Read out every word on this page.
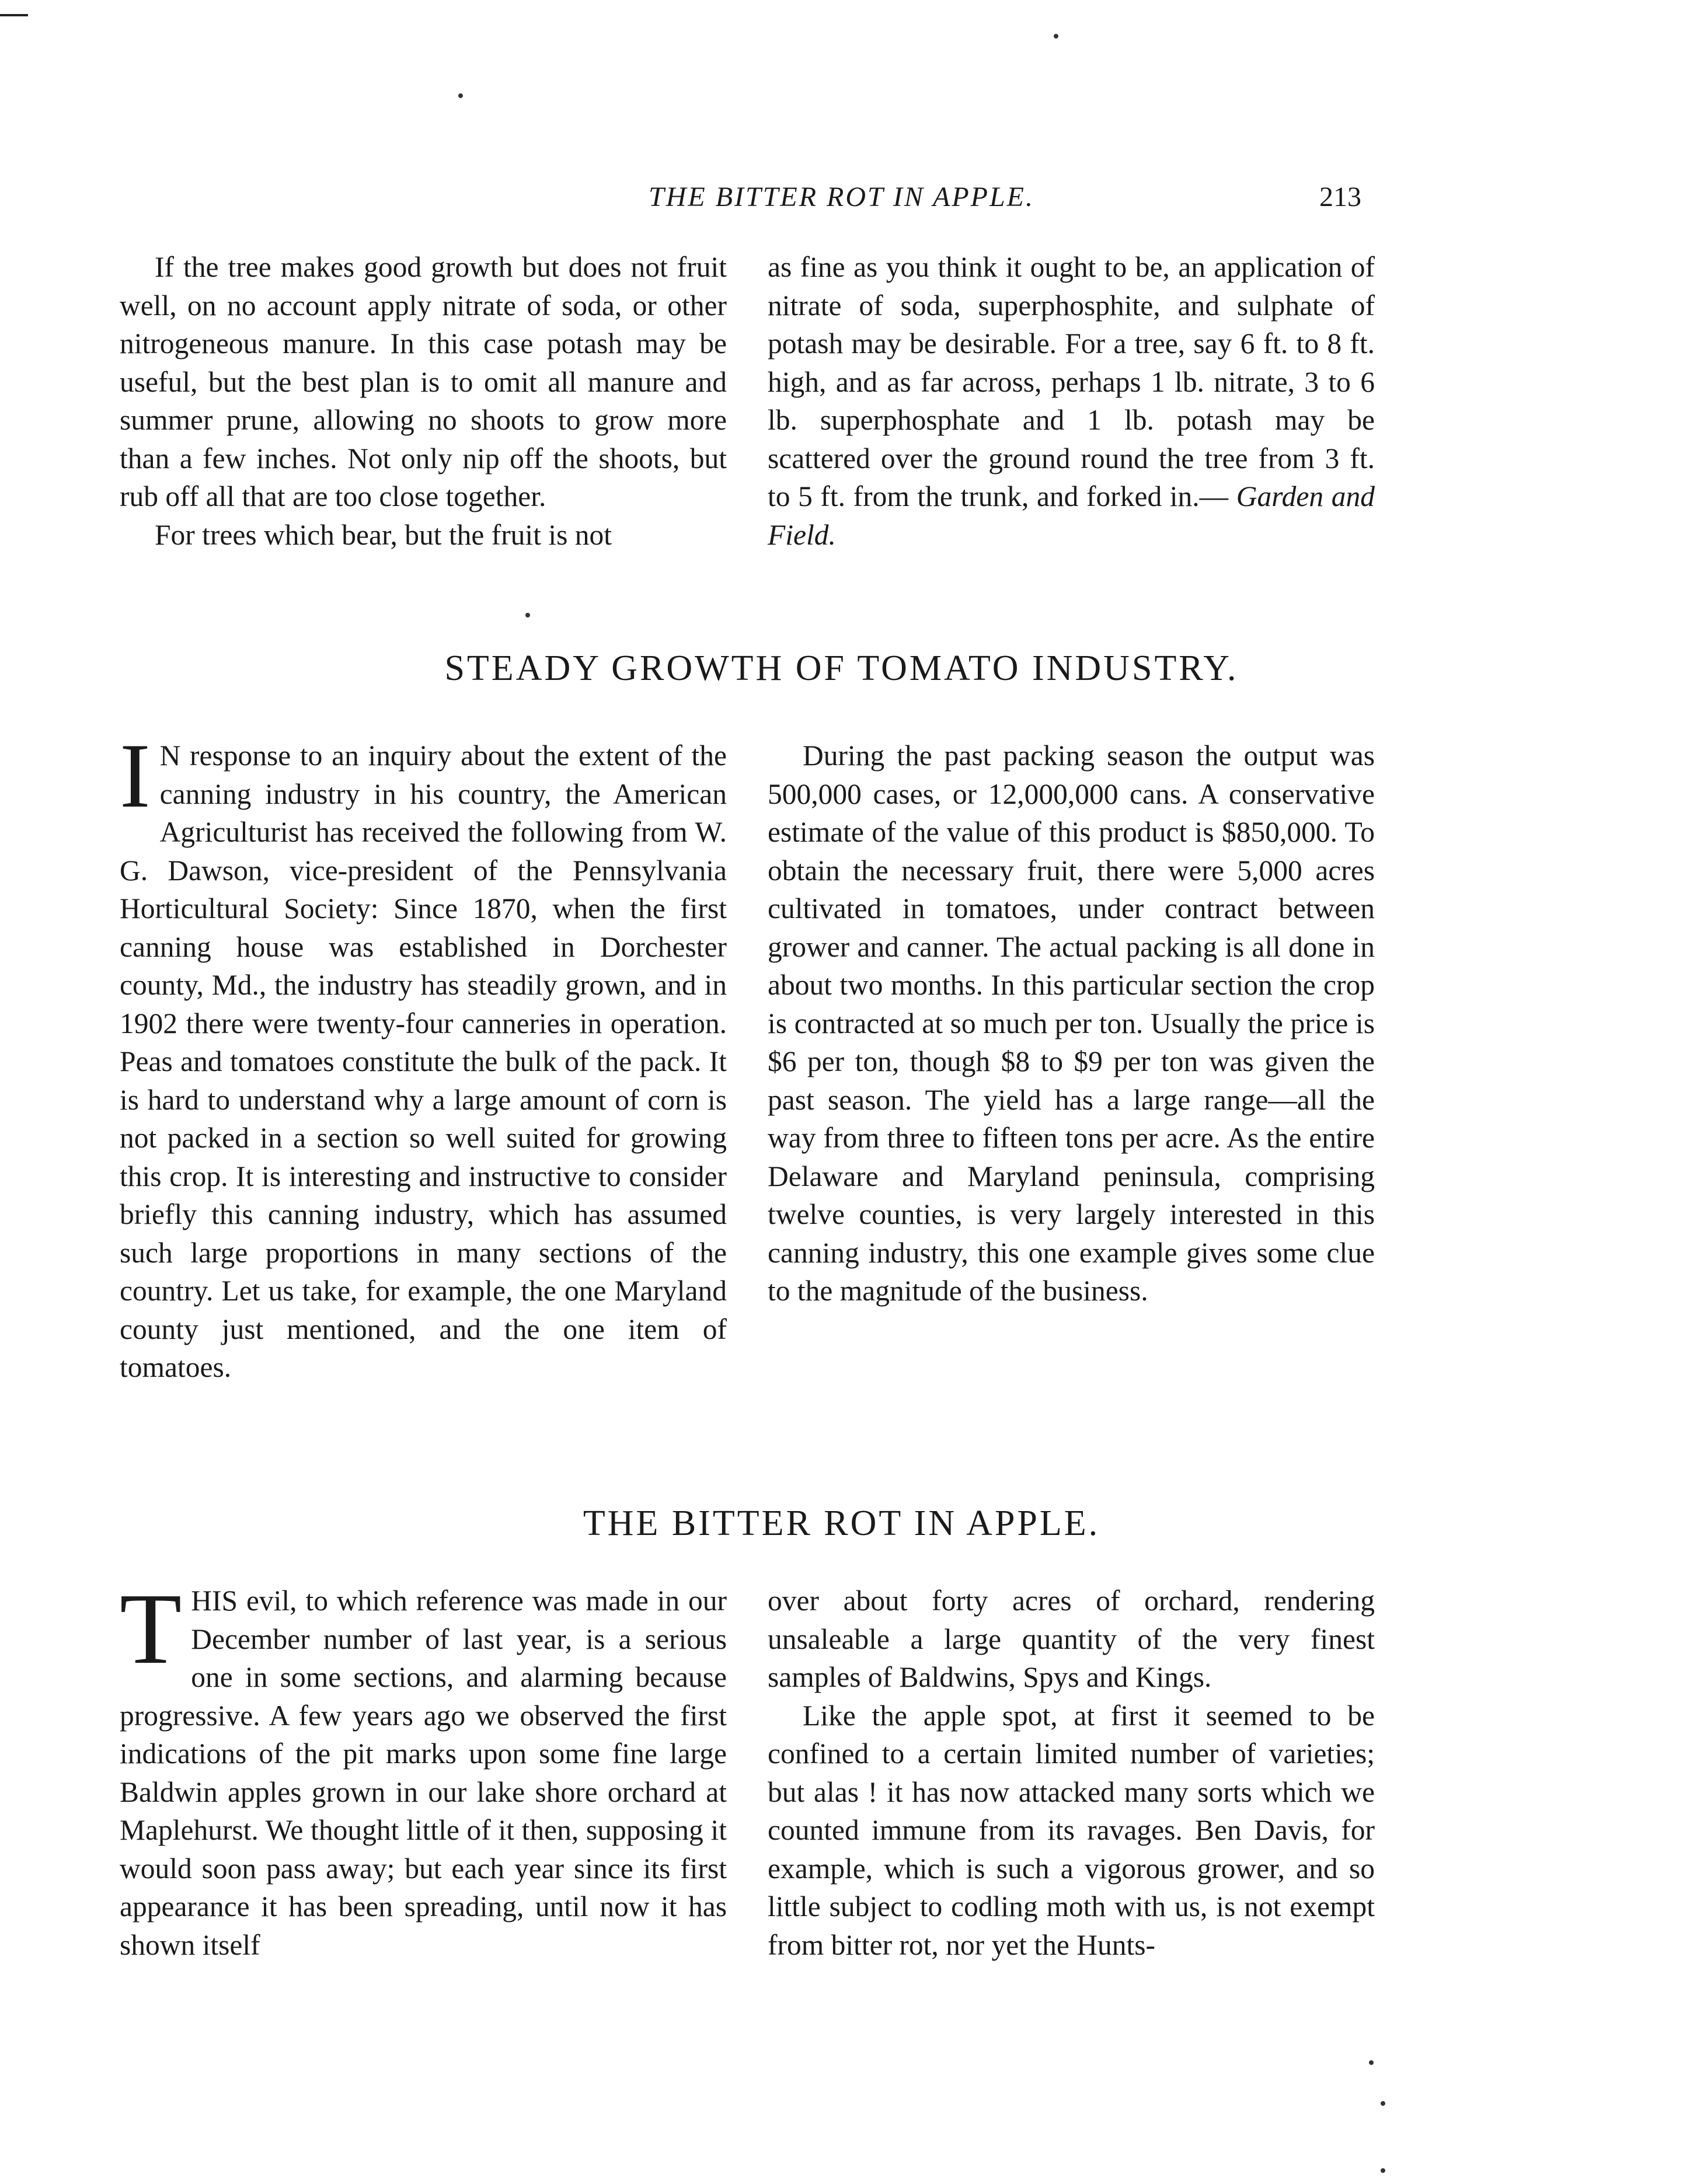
THE BITTER ROT IN APPLE.	213

If the tree makes good growth but does not fruit well, on no account apply nitrate of soda, or other nitrogeneous manure. In this case potash may be useful, but the best plan is to omit all manure and summer prune, allowing no shoots to grow more than a few inches. Not only nip off the shoots, but rub off all that are too close together.

For trees which bear, but the fruit is not

as fine as you think it ought to be, an application of nitrate of soda, superphosphite, and sulphate of potash may be desirable. For a tree, say 6 ft. to 8 ft. high, and as far across, perhaps 1 lb. nitrate, 3 to 6 lb. superphosphate and 1 lb. potash may be scattered over the ground round the tree from 3 ft. to 5 ft. from the trunk, and forked in.— Garden and Field.

STEADY GROWTH OF TOMATO INDUSTRY.

I N response to an inquiry about the extent of the canning industry in his country, the American Agriculturist has received the following from W. G. Dawson, vice-president of the Pennsylvania Horticultural Society: Since 1870, when the first canning house was established in Dorchester county, Md., the industry has steadily grown, and in 1902 there were twenty-four canneries in operation. Peas and tomatoes constitute the bulk of the pack. It is hard to understand why a large amount of corn is not packed in a section so well suited for growing this crop. It is interesting and instructive to consider briefly this canning industry, which has assumed such large proportions in many sections of the country. Let us take, for example, the one Maryland county just mentioned, and the one item of tomatoes.

During the past packing season the output was 500,000 cases, or 12,000,000 cans. A conservative estimate of the value of this product is $850,000. To obtain the necessary fruit, there were 5,000 acres cultivated in tomatoes, under contract between grower and canner. The actual packing is all done in about two months. In this particular section the crop is contracted at so much per ton. Usually the price is $6 per ton, though $8 to $9 per ton was given the past season. The yield has a large range—all the way from three to fifteen tons per acre. As the entire Delaware and Maryland peninsula, comprising twelve counties, is very largely interested in this canning industry, this one example gives some clue to the magnitude of the business.

THE BITTER ROT IN APPLE.

THIS evil, to which reference was made in our December number of last year, is a serious one in some sections, and alarming because progressive. A few years ago we observed the first indications of the pit marks upon some fine large Baldwin apples grown in our lake shore orchard at Maplehurst. We thought little of it then, supposing it would soon pass away; but each year since its first appearance it has been spreading, until now it has shown itself

over about forty acres of orchard, rendering unsaleable a large quantity of the very finest samples of Baldwins, Spys and Kings.

Like the apple spot, at first it seemed to be confined to a certain limited number of varieties; but alas ! it has now attacked many sorts which we counted immune from its ravages. Ben Davis, for example, which is such a vigorous grower, and so little subject to codling moth with us, is not exempt from bitter rot, nor yet the Hunts-
